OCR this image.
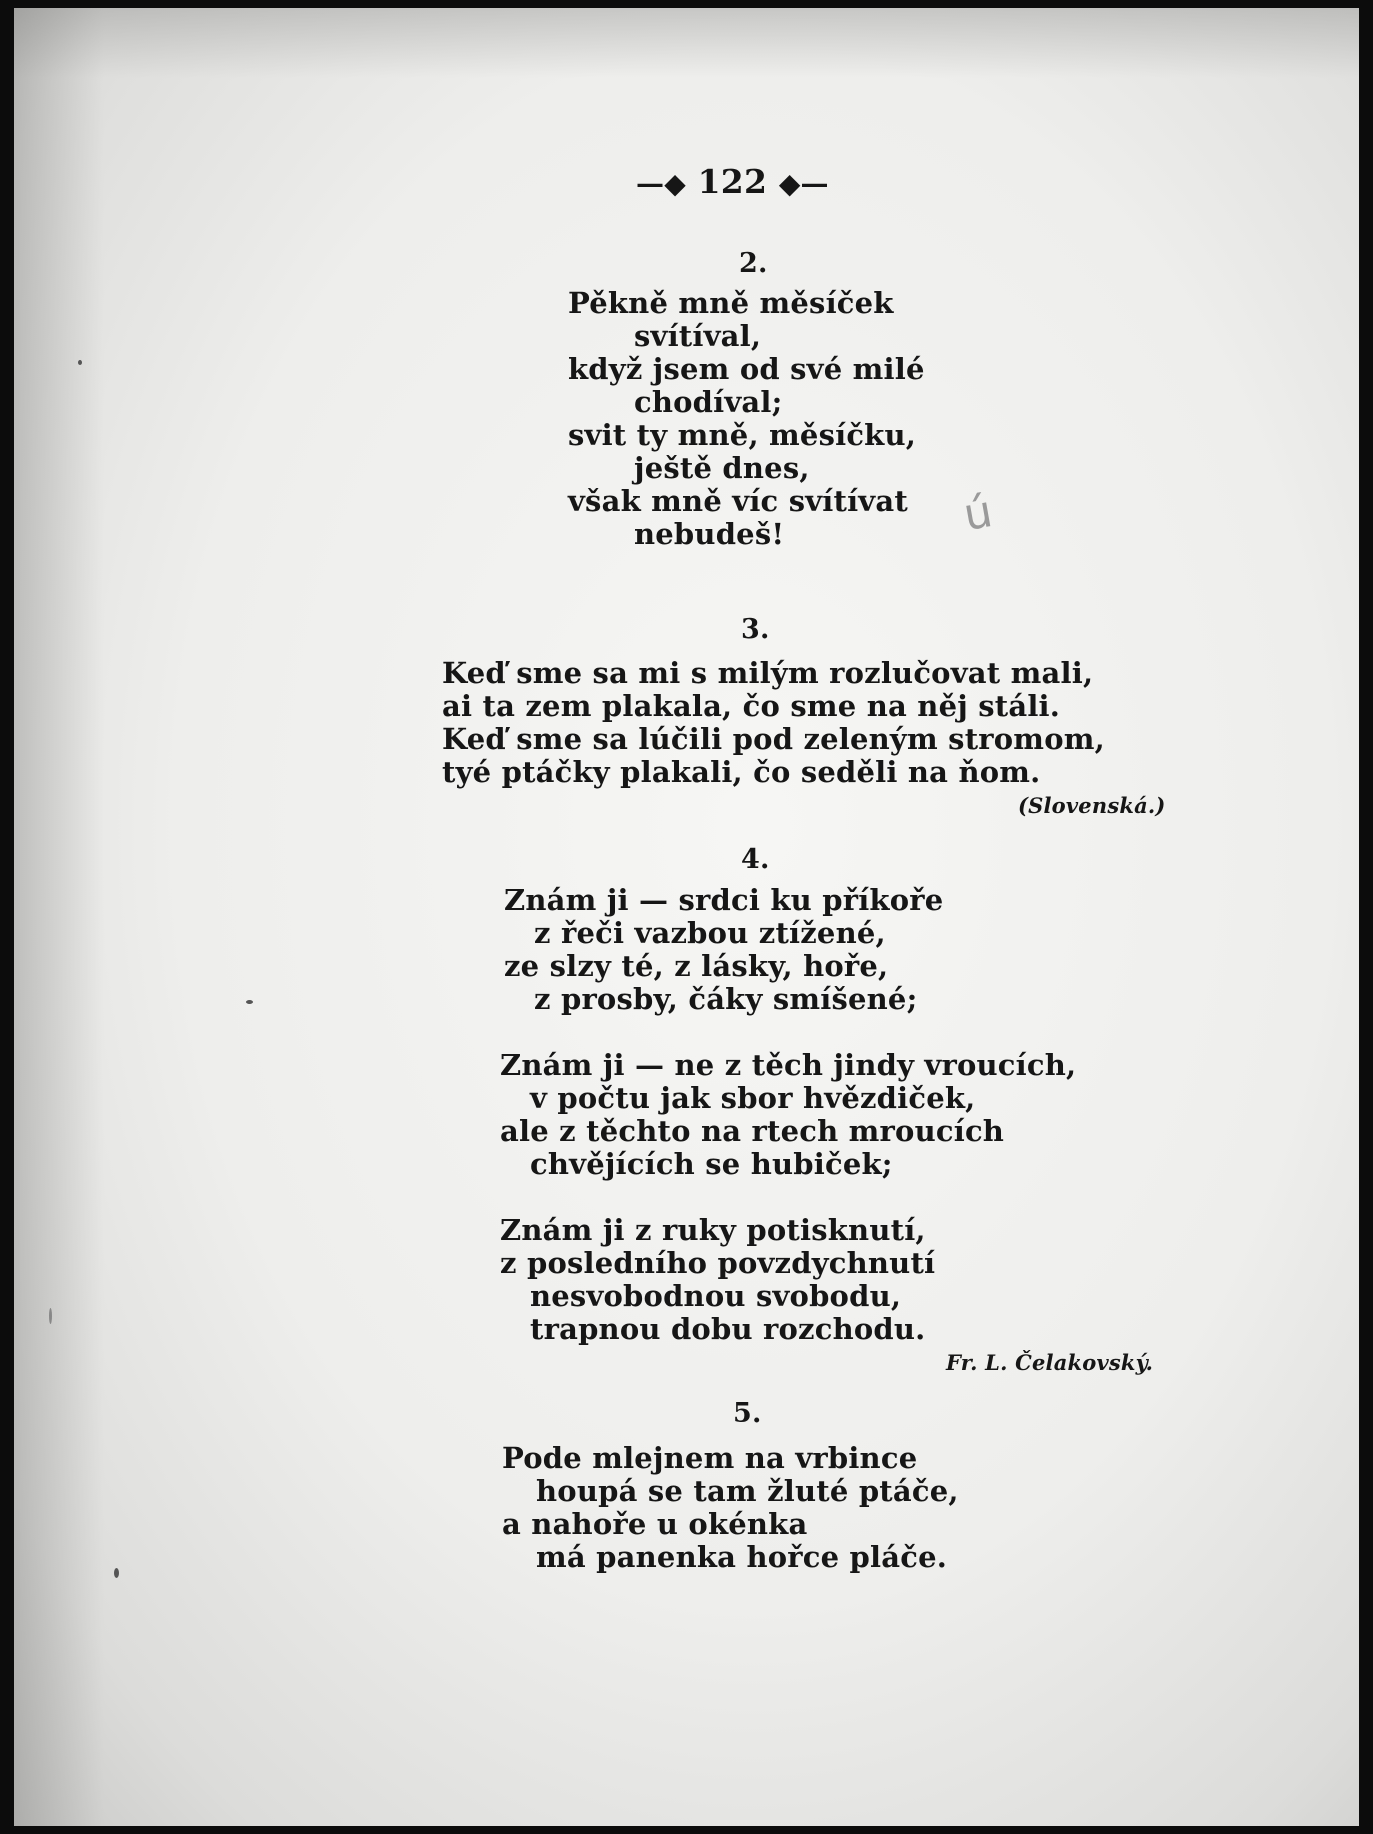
—◆ 122 ◆—
2.
Pěkně mně měsíček
svítíval,
když jsem od své milé
chodíval;
svit ty mně, měsíčku,
ještě dnes,
však mně víc svítívat
nebudeš!	ú
3.
Keď sme sa mi s milým rozlučovat mali,
ai ta zem plakala, čo sme na něj stáli.
Keď sme sa lúčili pod zeleným stromom,
tyé ptáčky plakali, čo seděli na ňom.
(Slovenská.)
4.
Znám ji — srdci ku příkoře
z řeči vazbou ztížené,
ze slzy té, z lásky, hoře,
z prosby, čáky smíšené;
Znám ji — ne z těch jindy vroucích,
v počtu jak sbor hvězdiček,
ale z těchto na rtech mroucích
chvějících se hubiček;
Znám ji z ruky potisknutí,
z posledního povzdychnutí
nesvobodnou svobodu,
trapnou dobu rozchodu.
Fr. L. Čelakovský.
5.
Pode mlejnem na vrbince
houpá se tam žluté ptáče,
a nahoře u okénka
má panenka hořce pláče.
